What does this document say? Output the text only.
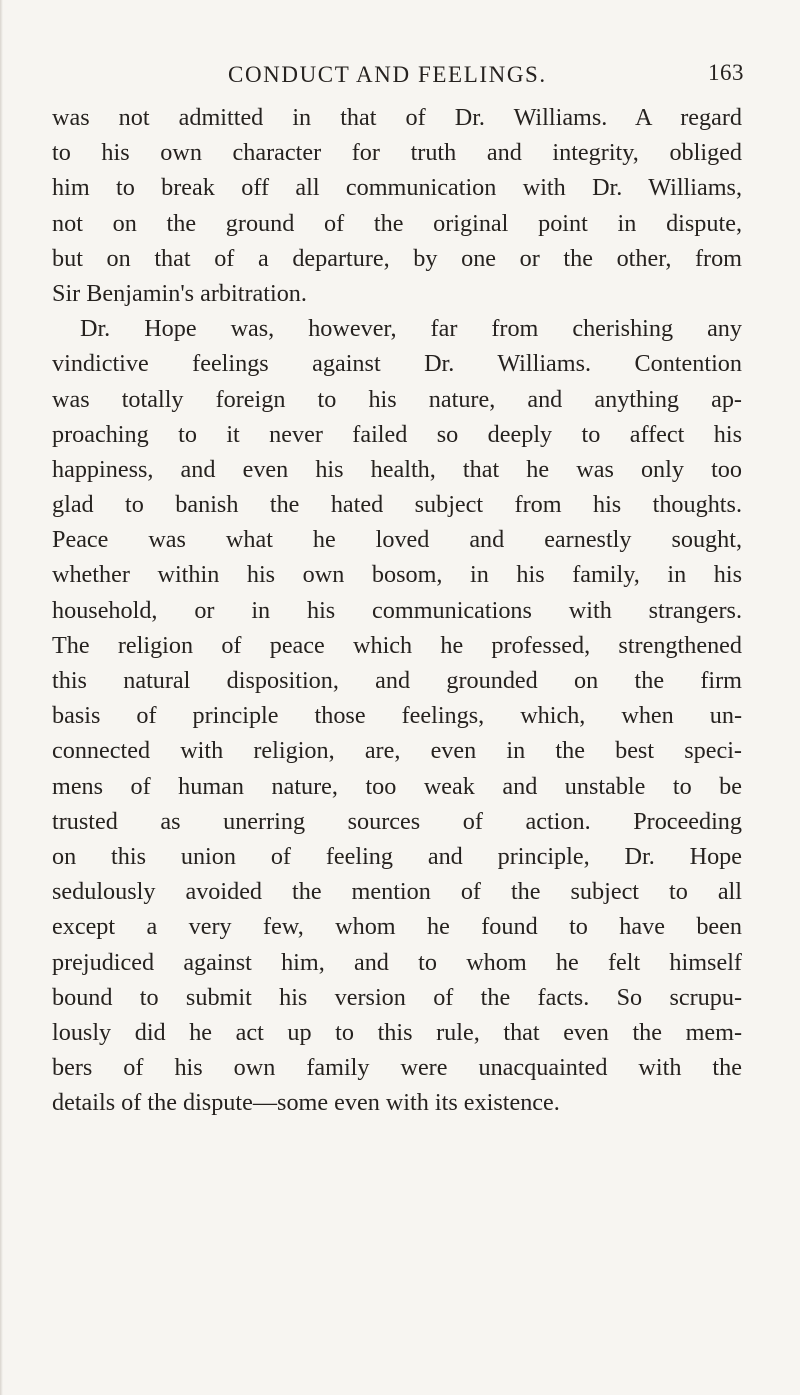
CONDUCT AND FEELINGS.	163
was not admitted in that of Dr. Williams. A regard
to his own character for truth and integrity, obliged
him to break off all communication with Dr. Williams,
not on the ground of the original point in dispute,
but on that of a departure, by one or the other, from
Sir Benjamin's arbitration.
Dr. Hope was, however, far from cherishing any
vindictive feelings against Dr. Williams. Contention
was totally foreign to his nature, and anything ap-
proaching to it never failed so deeply to affect his
happiness, and even his health, that he was only too
glad to banish the hated subject from his thoughts.
Peace was what he loved and earnestly sought,
whether within his own bosom, in his family, in his
household, or in his communications with strangers.
The religion of peace which he professed, strengthened
this natural disposition, and grounded on the firm
basis of principle those feelings, which, when un-
connected with religion, are, even in the best speci-
mens of human nature, too weak and unstable to be
trusted as unerring sources of action. Proceeding
on this union of feeling and principle, Dr. Hope
sedulously avoided the mention of the subject to all
except a very few, whom he found to have been
prejudiced against him, and to whom he felt himself
bound to submit his version of the facts. So scrupu-
lously did he act up to this rule, that even the mem-
bers of his own family were unacquainted with the
details of the dispute—some even with its existence.
